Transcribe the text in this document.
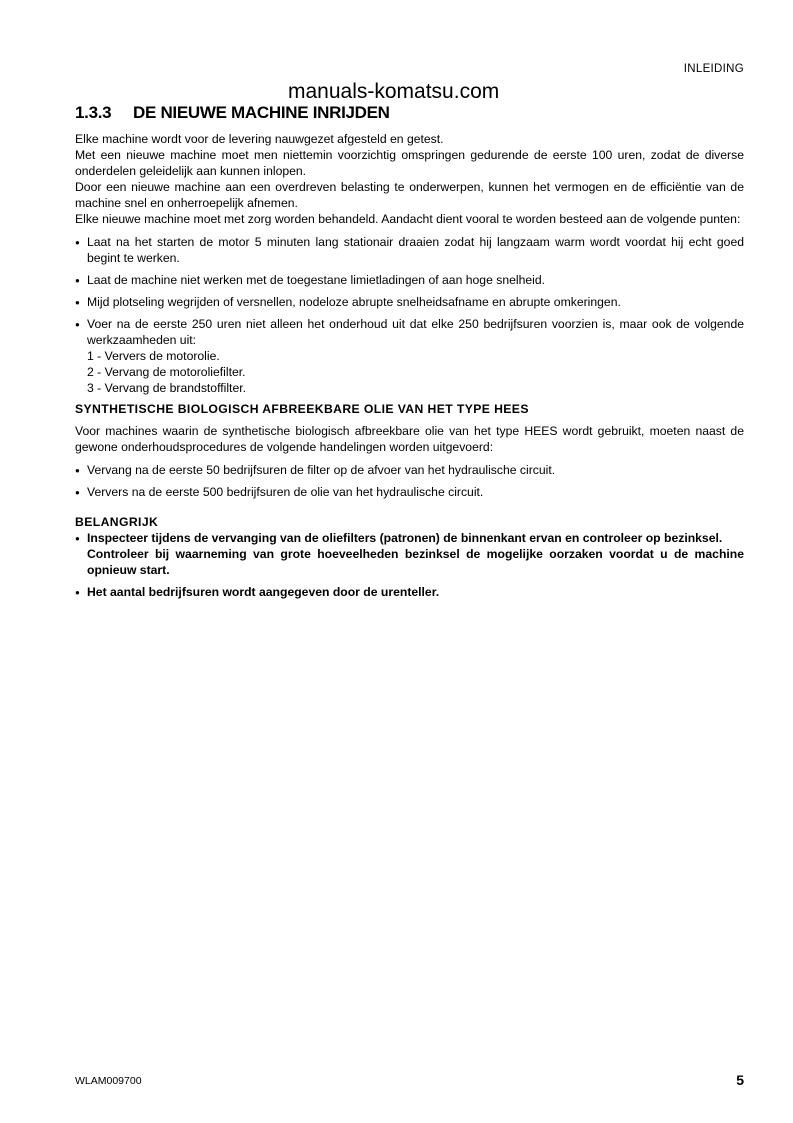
INLEIDING
manuals-komatsu.com
1.3.3 DE NIEUWE MACHINE INRIJDEN

Elke machine wordt voor de levering nauwgezet afgesteld en getest.

Met een nieuwe machine moet men niettemin voorzichtig omspringen gedurende de eerste 100 uren, zodat de diverse onderdelen geleidelijk aan kunnen inlopen.

Door een nieuwe machine aan een overdreven belasting te onderwerpen, kunnen het vermogen en de efficiëntie van de machine snel en onherroepelijk afnemen.

Elke nieuwe machine moet met zorg worden behandeld. Aandacht dient vooral te worden besteed aan de volgende punten:

● Laat na het starten de motor 5 minuten lang stationair draaien zodat hij langzaam warm wordt voordat hij echt goed begint te werken.
● Laat de machine niet werken met de toegestane limietladingen of aan hoge snelheid.
● Mijd plotseling wegrijden of versnellen, nodeloze abrupte snelheidsafname en abrupte omkeringen.
● Voer na de eerste 250 uren niet alleen het onderhoud uit dat elke 250 bedrijfsuren voorzien is, maar ook de volgende werkzaamheden uit:
1 - Ververs de motorolie.
2 - Vervang de motoroliefilter.
3 - Vervang de brandstoffilter.

SYNTHETISCHE BIOLOGISCH AFBREEKBARE OLIE VAN HET TYPE HEES

Voor machines waarin de synthetische biologisch afbreekbare olie van het type HEES wordt gebruikt, moeten naast de gewone onderhoudsprocedures de volgende handelingen worden uitgevoerd:

● Vervang na de eerste 50 bedrijfsuren de filter op de afvoer van het hydraulische circuit.
● Ververs na de eerste 500 bedrijfsuren de olie van het hydraulische circuit.

BELANGRIJK

● Inspecteer tijdens de vervanging van de oliefilters (patronen) de binnenkant ervan en controleer op bezinksel.
Controleer bij waarneming van grote hoeveelheden bezinksel de mogelijke oorzaken voordat u de machine opnieuw start.
● Het aantal bedrijfsuren wordt aangegeven door de urenteller.
WLAM009700	5
